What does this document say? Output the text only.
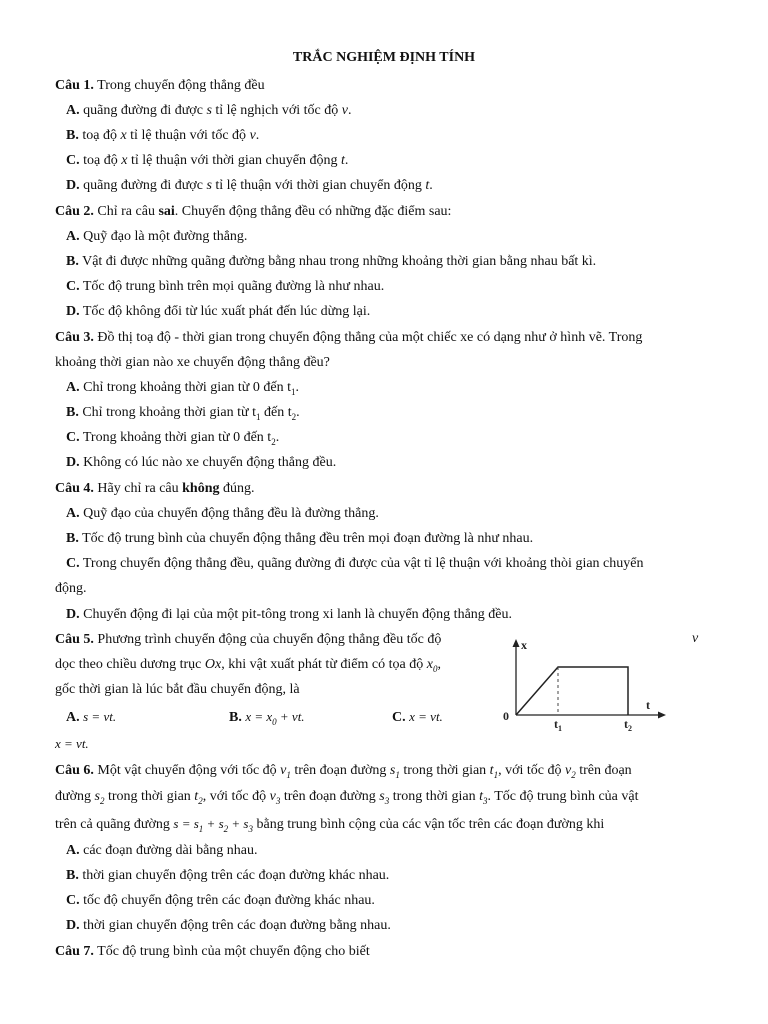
TRẮC NGHIỆM ĐỊNH TÍNH

Câu 1. Trong chuyển động thẳng đều

A. quãng đường đi được s tỉ lệ nghịch với tốc độ v.

B. toạ độ x tỉ lệ thuận với tốc độ v.

C. toạ độ x tỉ lệ thuận với thời gian chuyển động t.

D. quãng đường đi được s tỉ lệ thuận với thời gian chuyển động t.

Câu 2. Chỉ ra câu sai. Chuyển động thẳng đều có những đặc điểm sau:

A. Quỹ đạo là một đường thẳng.

B. Vật đi được những quãng đường bằng nhau trong những khoảng thời gian bằng nhau bất kì.

C. Tốc độ trung bình trên mọi quãng đường là như nhau.

D. Tốc độ không đổi từ lúc xuất phát đến lúc dừng lại.

Câu 3. Đồ thị toạ độ - thời gian trong chuyển động thẳng của một chiếc xe có dạng như ở hình vẽ. Trong

khoảng thời gian nào xe chuyển động thẳng đều?

A. Chỉ trong khoảng thời gian từ 0 đến $t_1$.

B. Chỉ trong khoảng thời gian từ $t_1$ đến $t_2$.

C. Trong khoảng thời gian từ 0 đến $t_2$.

D. Không có lúc nào xe chuyển động thẳng đều.

Câu 4. Hãy chỉ ra câu không đúng.

A. Quỹ đạo của chuyển động thẳng đều là đường thẳng.

B. Tốc độ trung bình của chuyển động thẳng đều trên mọi đoạn đường là như nhau.

C. Trong chuyển động thẳng đều, quãng đường đi được của vật tỉ lệ thuận với khoảng thòi gian chuyển

động.

D. Chuyển động đi lại của một pit-tông trong xi lanh là chuyển động thẳng đều.

Câu 5. Phương trình chuyển động của chuyển động thẳng đều tốc độ	v

dọc theo chiều dương trục Ox, khi vật xuất phát từ điểm có tọa độ $x_0$,

gốc thời gian là lúc bắt đầu chuyển động, là

A. s = vt.	B. $x = x_0$ + vt.	C. x = vt.

x = vt.

x
t
0
$t_1$	$t_2$

Câu 6. Một vật chuyển động với tốc độ $v_1$ trên đoạn đường $s_1$ trong thời gian $t_1$, với tốc độ $v_2$ trên đoạn

đường $s_2$ trong thời gian $t_2$, với tốc độ $v_3$ trên đoạn đường $s_3$ trong thời gian $t_3$. Tốc độ trung bình của vật

trên cả quãng đường $s = s_1 + s_2 + s_3$ bằng trung bình cộng của các vận tốc trên các đoạn đường khi

A. các đoạn đường dài bằng nhau.

B. thời gian chuyển động trên các đoạn đường khác nhau.

C. tốc độ chuyển động trên các đoạn đường khác nhau.

D. thời gian chuyển động trên các đoạn đường bằng nhau.

Câu 7. Tốc độ trung bình của một chuyển động cho biết
